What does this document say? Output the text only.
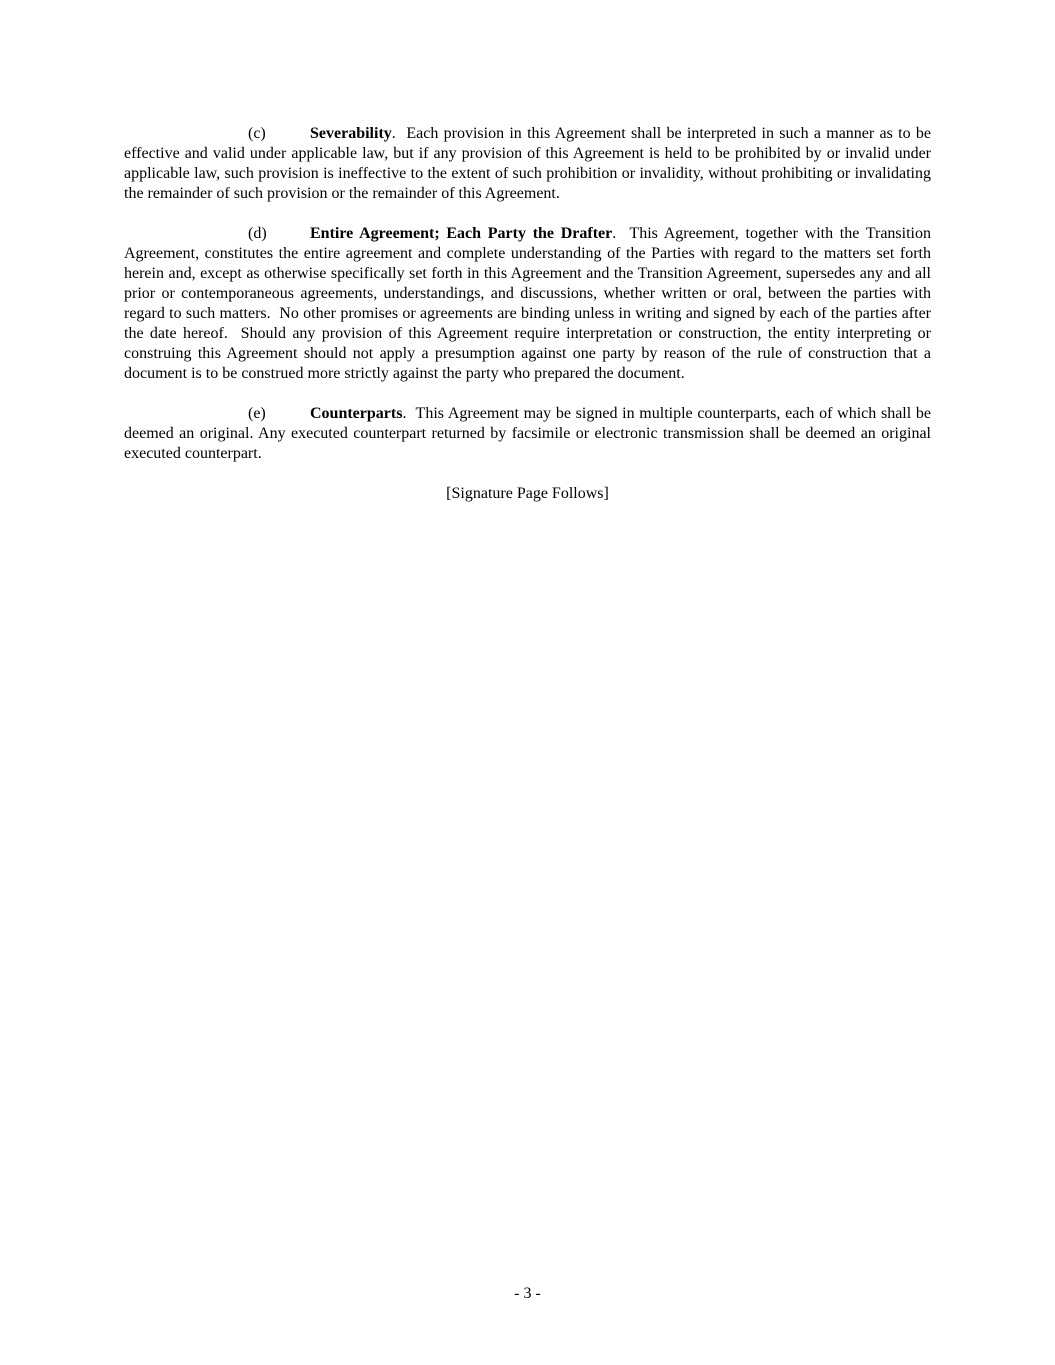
(c)	Severability.  Each provision in this Agreement shall be interpreted in such a manner as to be effective and valid under applicable law, but if any provision of this Agreement is held to be prohibited by or invalid under applicable law, such provision is ineffective to the extent of such prohibition or invalidity, without prohibiting or invalidating the remainder of such provision or the remainder of this Agreement.

(d)	Entire Agreement; Each Party the Drafter.  This Agreement, together with the Transition Agreement, constitutes the entire agreement and complete understanding of the Parties with regard to the matters set forth herein and, except as otherwise specifically set forth in this Agreement and the Transition Agreement, supersedes any and all prior or contemporaneous agreements, understandings, and discussions, whether written or oral, between the parties with regard to such matters.  No other promises or agreements are binding unless in writing and signed by each of the parties after the date hereof.  Should any provision of this Agreement require interpretation or construction, the entity interpreting or construing this Agreement should not apply a presumption against one party by reason of the rule of construction that a document is to be construed more strictly against the party who prepared the document.

(e)	Counterparts.  This Agreement may be signed in multiple counterparts, each of which shall be deemed an original. Any executed counterpart returned by facsimile or electronic transmission shall be deemed an original executed counterpart.

[Signature Page Follows]

- 3 -
